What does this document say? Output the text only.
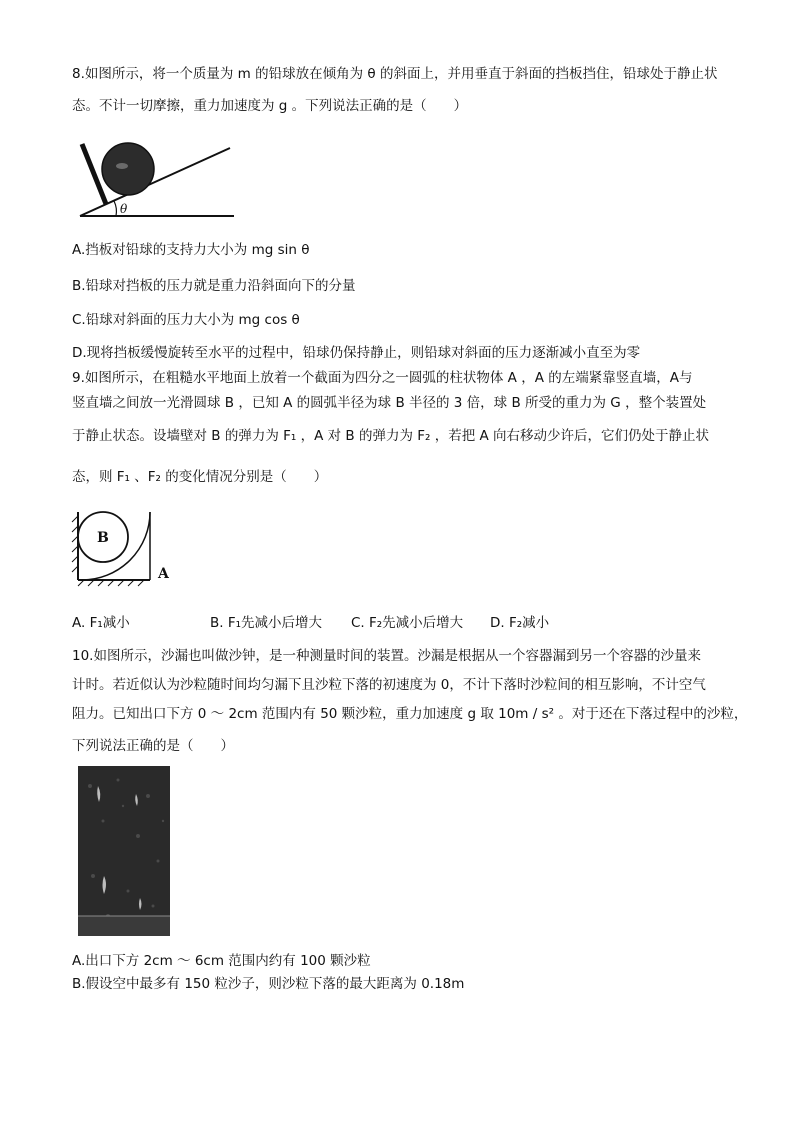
8.如图所示，将一个质量为 m 的铅球放在倾角为 θ 的斜面上，并用垂直于斜面的挡板挡住，铅球处于静止状
态。不计一切摩擦，重力加速度为 g 。下列说法正确的是（　　）
θ
A.挡板对铅球的支持力大小为 mg sin θ
B.铅球对挡板的压力就是重力沿斜面向下的分量
C.铅球对斜面的压力大小为 mg cos θ
D.现将挡板缓慢旋转至水平的过程中，铅球仍保持静止，则铅球对斜面的压力逐渐减小直至为零
9.如图所示，在粗糙水平地面上放着一个截面为四分之一圆弧的柱状物体 A ，A 的左端紧靠竖直墙，A与
竖直墙之间放一光滑圆球 B ，已知 A 的圆弧半径为球 B 半径的 3 倍，球 B 所受的重力为 G ，整个装置处
于静止状态。设墙壁对 B 的弹力为 F₁ ，A 对 B 的弹力为 F₂ ，若把 A 向右移动少许后，它们仍处于静止状
态，则 F₁ 、F₂ 的变化情况分别是（　　）
B
A
A. F₁减小	B. F₁先减小后增大 C. F₂先减小后增大 D. F₂减小
10.如图所示，沙漏也叫做沙钟，是一种测量时间的装置。沙漏是根据从一个容器漏到另一个容器的沙量来
计时。若近似认为沙粒随时间均匀漏下且沙粒下落的初速度为 0，不计下落时沙粒间的相互影响，不计空气
阻力。已知出口下方 0 ～ 2cm 范围内有 50 颗沙粒，重力加速度 g 取 10m / s² 。对于还在下落过程中的沙粒，
下列说法正确的是（　　）
A.出口下方 2cm ～ 6cm 范围内约有 100 颗沙粒
B.假设空中最多有 150 粒沙子，则沙粒下落的最大距离为 0.18m
